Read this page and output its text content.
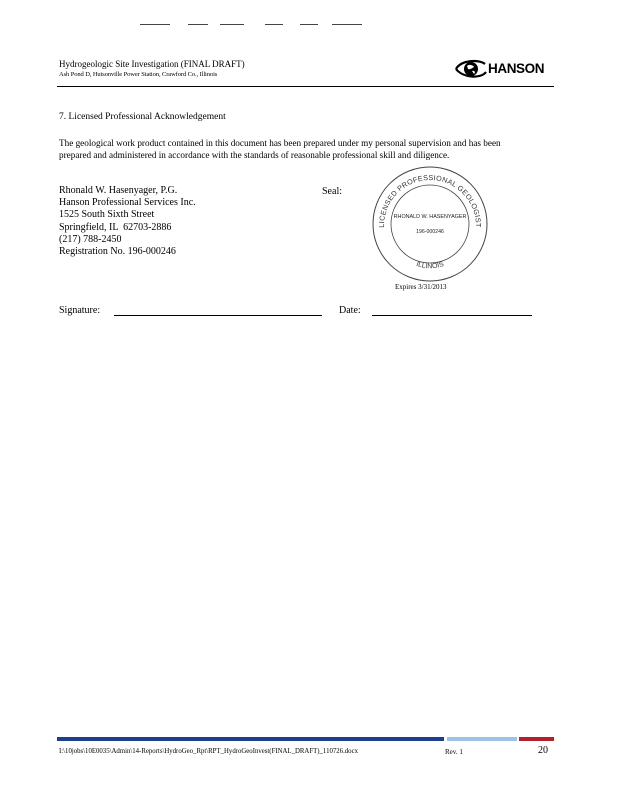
Hydrogeologic Site Investigation (FINAL DRAFT)
Ash Pond D, Hutsonville Power Station, Crawford Co., Illinois	HANSON
7. Licensed Professional Acknowledgement
The geological work product contained in this document has been prepared under my personal supervision and has been prepared and administered in accordance with the standards of reasonable professional skill and diligence.
Rhonald W. Hasenyager, P.G.
Hanson Professional Services Inc.
1525 South Sixth Street
Springfield, IL  62703-2886
(217) 788-2450
Registration No. 196-000246
Seal:
LICENSED PROFESSIONAL GEOLOGIST
ILLINOIS
RHONALD W. HASENYAGER
196-000246
Expires 3/31/2013
Signature:	Date:
I:\10jobs\10E0035\Admin\14-Reports\HydroGeo_Rpt\RPT_HydroGeoInvest(FINAL_DRAFT)_110726.docx	Rev. 1	20
